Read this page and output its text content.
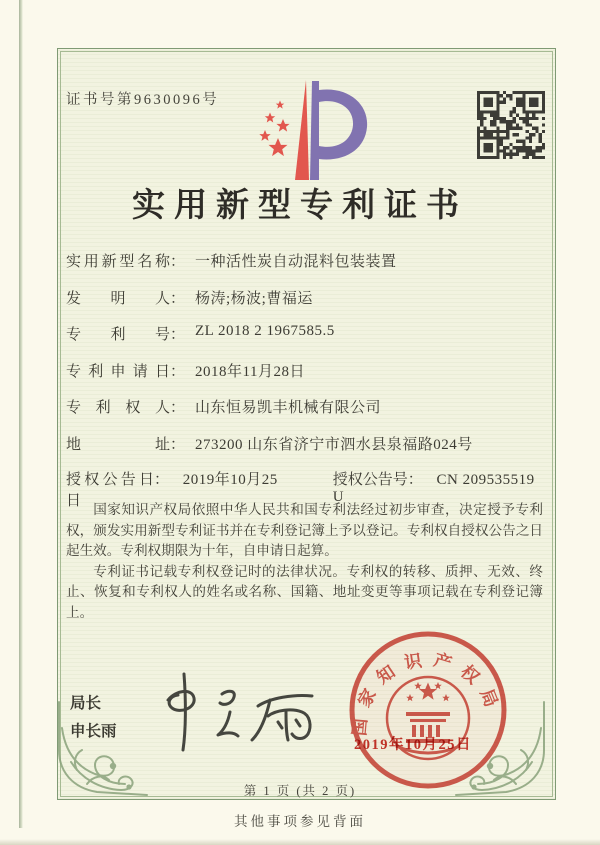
证书号第9630096号
实用新型专利证书
实用新型名称 ： 一种活性炭自动混料包装装置
发明人 ： 杨涛;杨波;曹福运
专利号 ： ZL 2018 2 1967585.5
专利申请日 ： 2018年11月28日
专利权人 ： 山东恒易凯丰机械有限公司
地址 ： 273200 山东省济宁市泗水县泉福路024号
授权公告日： 2019年10月25日
授权公告号： CN 209535519 U

国家知识产权局依照中华人民共和国专利法经过初步审查，决定授予专利权，颁发实用新型专利证书并在专利登记簿上予以登记。专利权自授权公告之日起生效。专利权期限为十年，自申请日起算。

专利证书记载专利权登记时的法律状况。专利权的转移、质押、无效、终止、恢复和专利权人的姓名或名称、国籍、地址变更等事项记载在专利登记簿上。

局长
申长雨	国家知识产权局
2019年10月25日
第 1 页 (共 2 页)
其他事项参见背面
